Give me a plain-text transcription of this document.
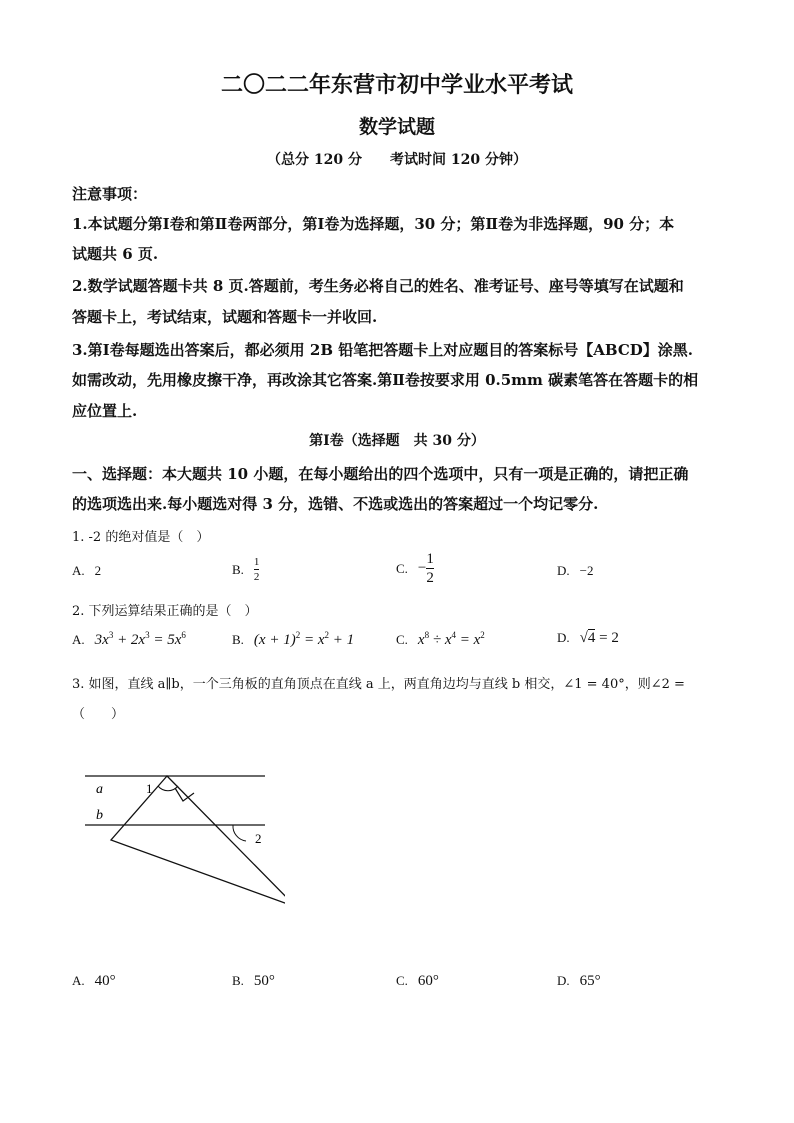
二〇二二年东营市初中学业水平考试
数学试题
（总分 120 分　　考试时间 120 分钟）
注意事项：
1.本试题分第Ⅰ卷和第Ⅱ卷两部分，第Ⅰ卷为选择题，30 分；第Ⅱ卷为非选择题，90 分；本
试题共 6 页.
2.数学试题答题卡共 8 页.答题前，考生务必将自己的姓名、准考证号、座号等填写在试题和
答题卡上，考试结束，试题和答题卡一并收回.
3.第Ⅰ卷每题选出答案后，都必须用 2B 铅笔把答题卡上对应题目的答案标号【ABCD】涂黑.
如需改动，先用橡皮擦干净，再改涂其它答案.第Ⅱ卷按要求用 0.5mm 碳素笔答在答题卡的相
应位置上.
第Ⅰ卷（选择题　共 30 分）
一、选择题：本大题共 10 小题，在每小题给出的四个选项中，只有一项是正确的，请把正确
的选项选出来.每小题选对得 3 分，选错、不选或选出的答案超过一个均记零分.
1. -2 的绝对值是（　）
A. 2	B. $\frac{1}{2}$	C. $-\frac{1}{2}$	D. −2
2. 下列运算结果正确的是（　）
A. $3x^3 + 2x^3 = 5x^6$	B. $(x + 1)^2 = x^2 + 1$	C. $x^8 \div x^4 = x^2$	D. √4 = 2
3. 如图，直线 a∥b，一个三角板的直角顶点在直线 a 上，两直角边均与直线 b 相交，∠1 = 40°，则∠2 =
（　　）
a
b
1
2
A. 40°	B. 50°	C. 60°	D. 65°
